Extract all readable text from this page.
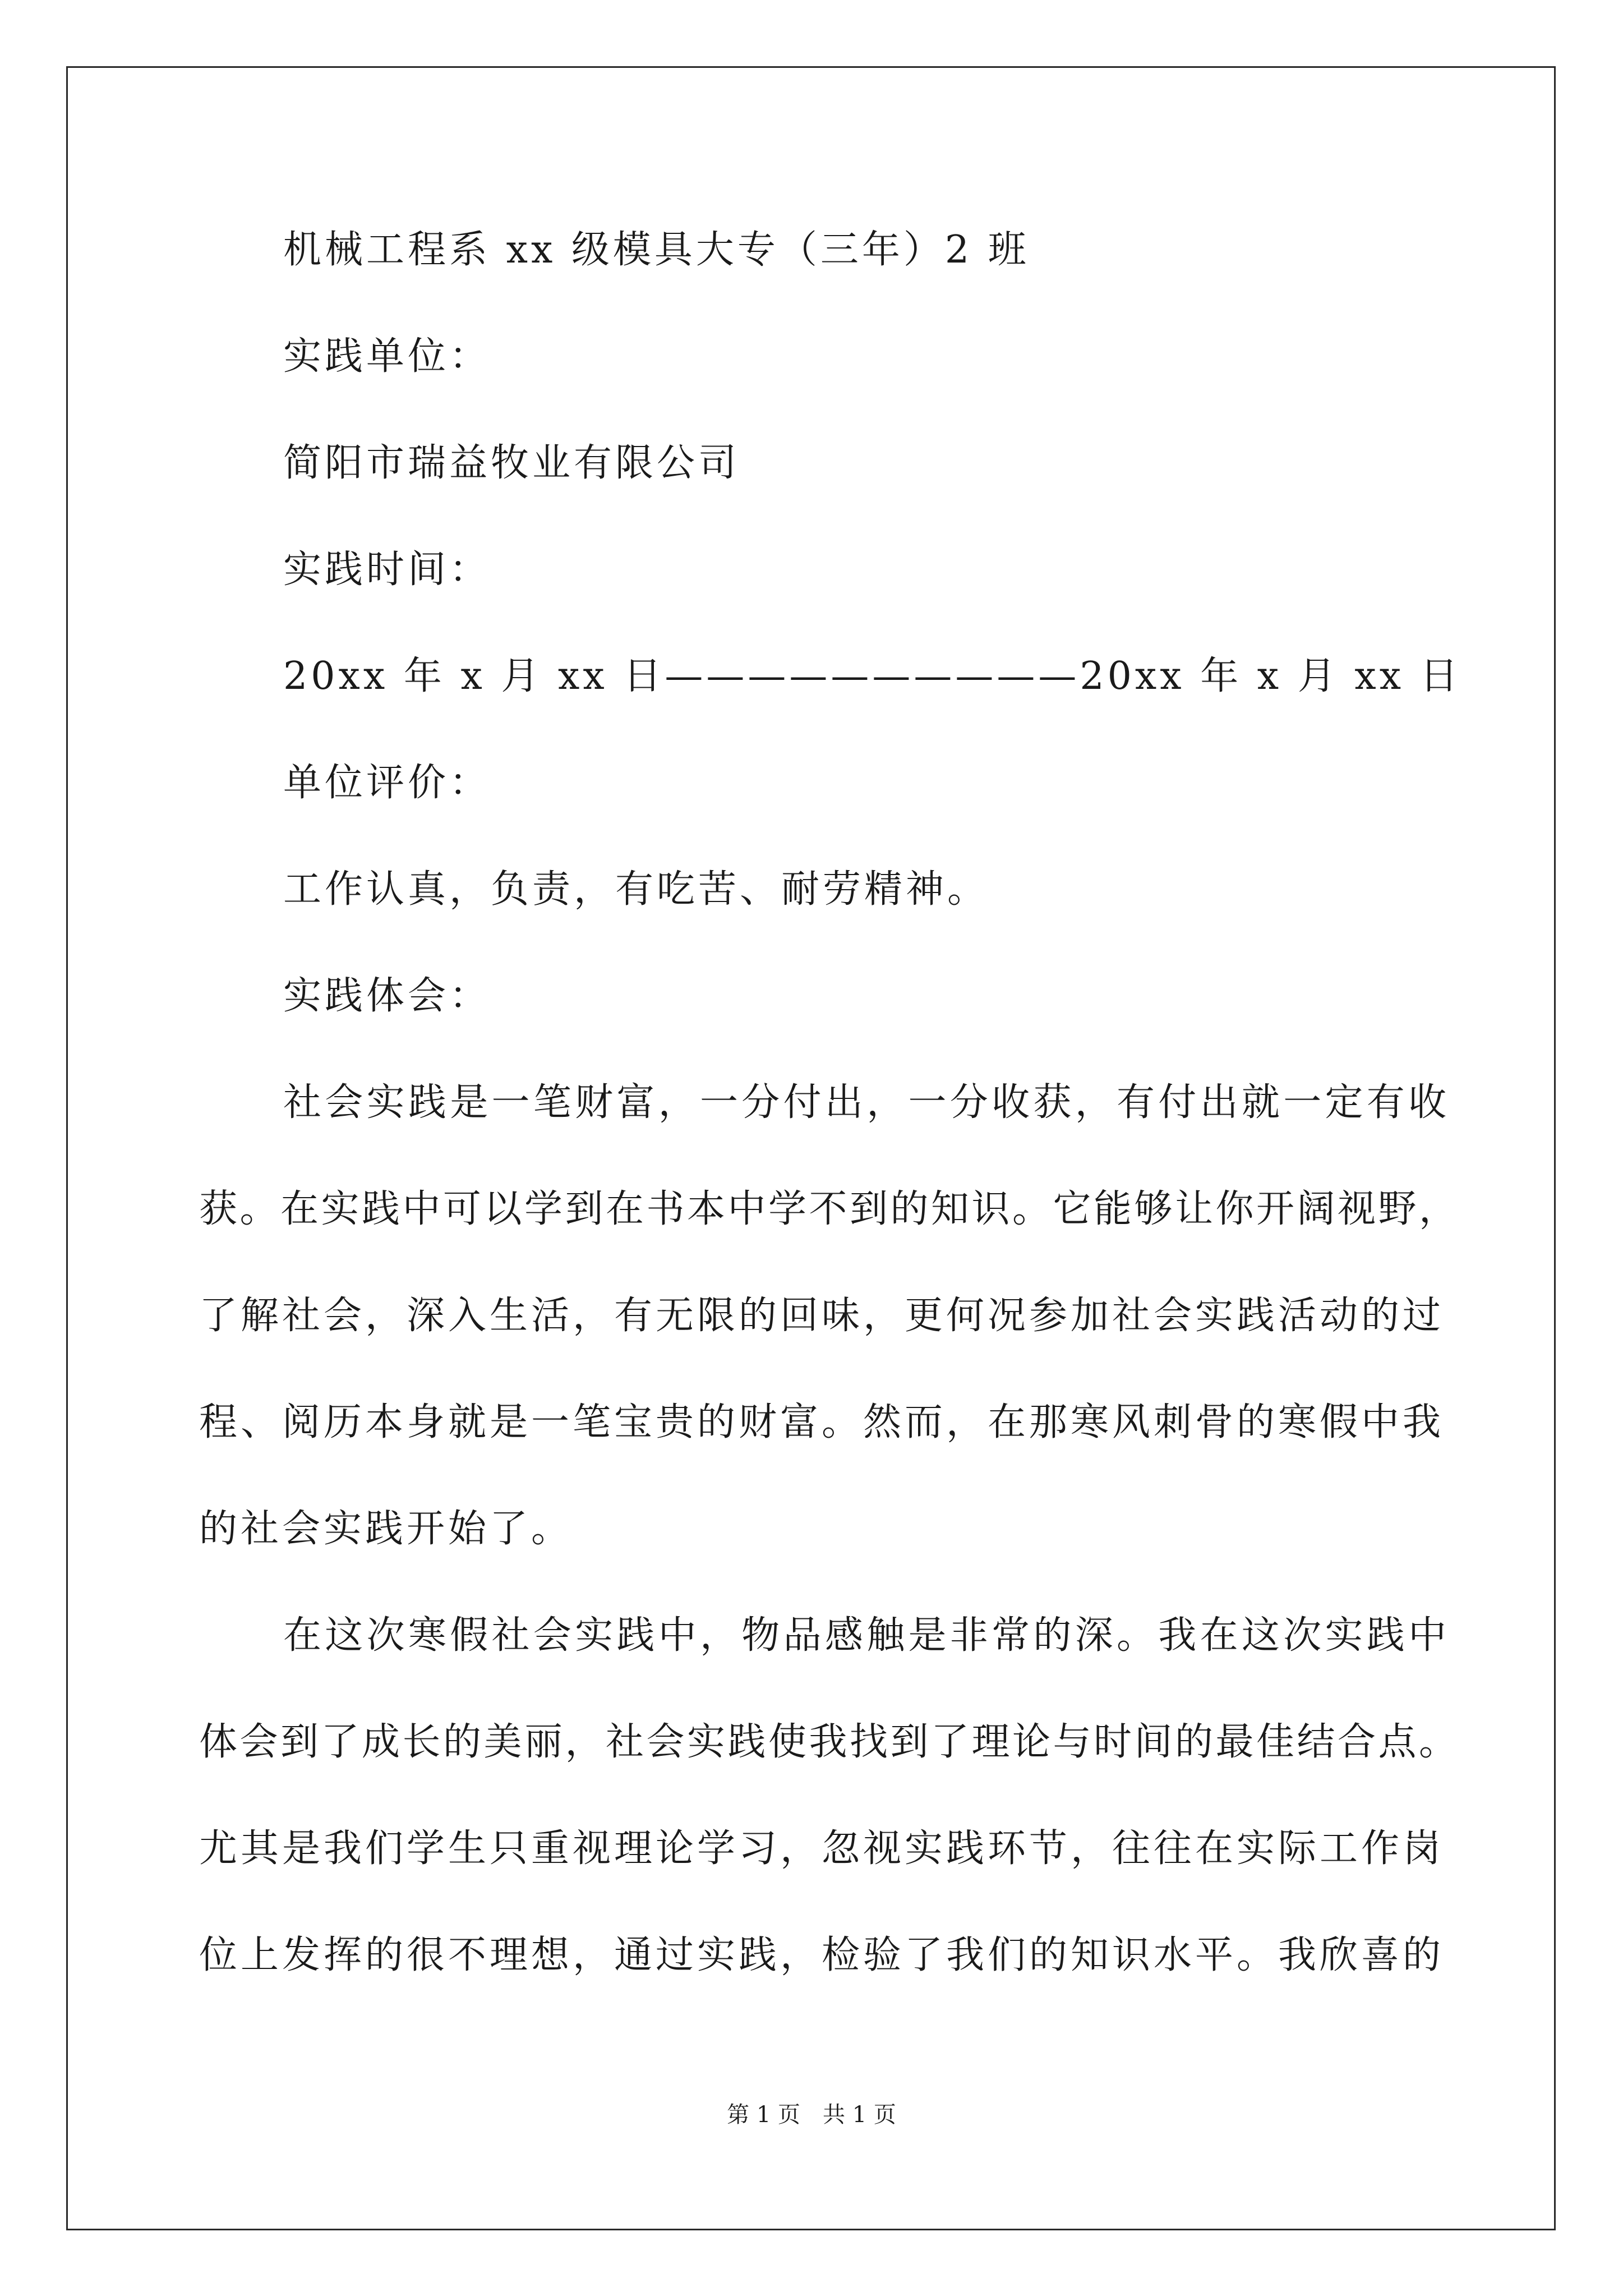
机械工程系 xx 级模具大专（三年）2 班
实践单位：
简阳市瑞益牧业有限公司
实践时间：
20xx 年 x 月 xx 日——————————20xx 年 x 月 xx 日
单位评价：
工作认真，负责，有吃苦、耐劳精神。
实践体会：
社会实践是一笔财富，一分付出，一分收获，有付出就一定有收
获。在实践中可以学到在书本中学不到的知识。它能够让你开阔视野，
了解社会，深入生活，有无限的回味，更何况参加社会实践活动的过
程、阅历本身就是一笔宝贵的财富。然而，在那寒风刺骨的寒假中我
的社会实践开始了。
在这次寒假社会实践中，物品感触是非常的深。我在这次实践中
体会到了成长的美丽，社会实践使我找到了理论与时间的最佳结合点。
尤其是我们学生只重视理论学习，忽视实践环节，往往在实际工作岗
位上发挥的很不理想，通过实践，检验了我们的知识水平。我欣喜的
第 1 页　共 1 页
